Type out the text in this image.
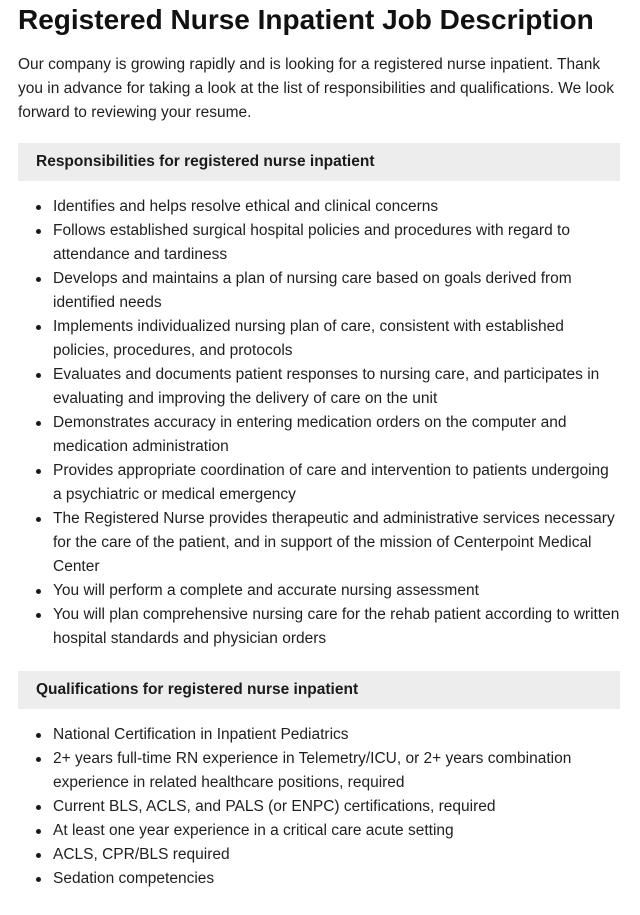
Registered Nurse Inpatient Job Description

Our company is growing rapidly and is looking for a registered nurse inpatient. Thank you in advance for taking a look at the list of responsibilities and qualifications. We look forward to reviewing your resume.

Responsibilities for registered nurse inpatient
Identifies and helps resolve ethical and clinical concerns
Follows established surgical hospital policies and procedures with regard to attendance and tardiness
Develops and maintains a plan of nursing care based on goals derived from identified needs
Implements individualized nursing plan of care, consistent with established policies, procedures, and protocols
Evaluates and documents patient responses to nursing care, and participates in evaluating and improving the delivery of care on the unit
Demonstrates accuracy in entering medication orders on the computer and medication administration
Provides appropriate coordination of care and intervention to patients undergoing a psychiatric or medical emergency
The Registered Nurse provides therapeutic and administrative services necessary for the care of the patient, and in support of the mission of Centerpoint Medical Center
You will perform a complete and accurate nursing assessment
You will plan comprehensive nursing care for the rehab patient according to written hospital standards and physician orders
Qualifications for registered nurse inpatient
National Certification in Inpatient Pediatrics
2+ years full-time RN experience in Telemetry/ICU, or 2+ years combination experience in related healthcare positions, required
Current BLS, ACLS, and PALS (or ENPC) certifications, required
At least one year experience in a critical care acute setting
ACLS, CPR/BLS required
Sedation competencies
